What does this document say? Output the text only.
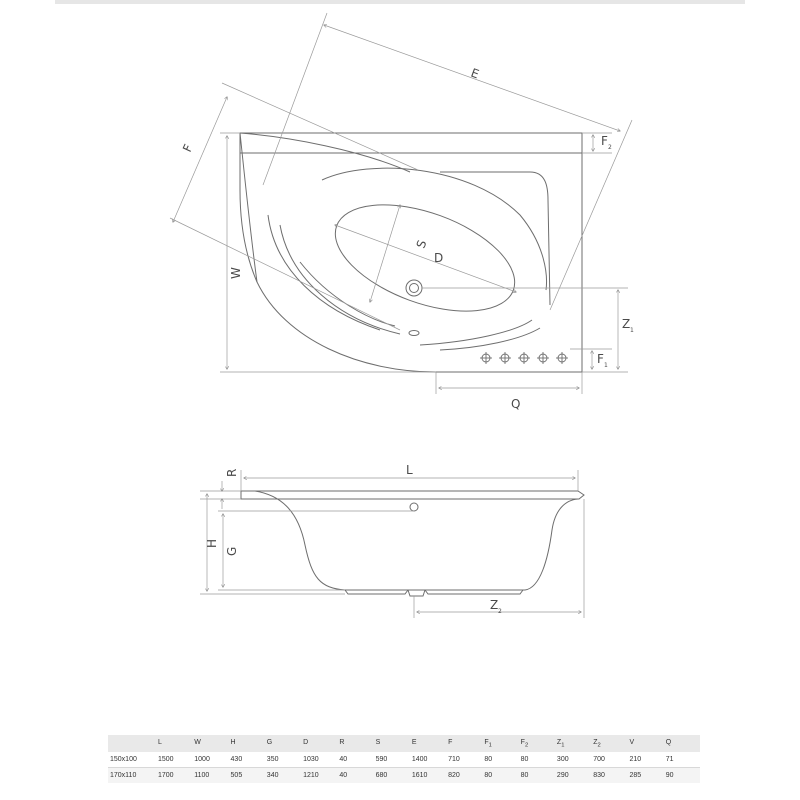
E
F
F 2
W
S
D
Z 1
F 1
Q
R	L
H
G
Z 2
	L	W	H	G	D	R	S	E	F	$F_1$	$F_2$	$Z_1$	$Z_2$	V	Q
150x100	1500	1000	430	350	1030	40	590	1400	710	80	80	300	700	210	71
170x110	1700	1100	505	340	1210	40	680	1610	820	80	80	290	830	285	90
